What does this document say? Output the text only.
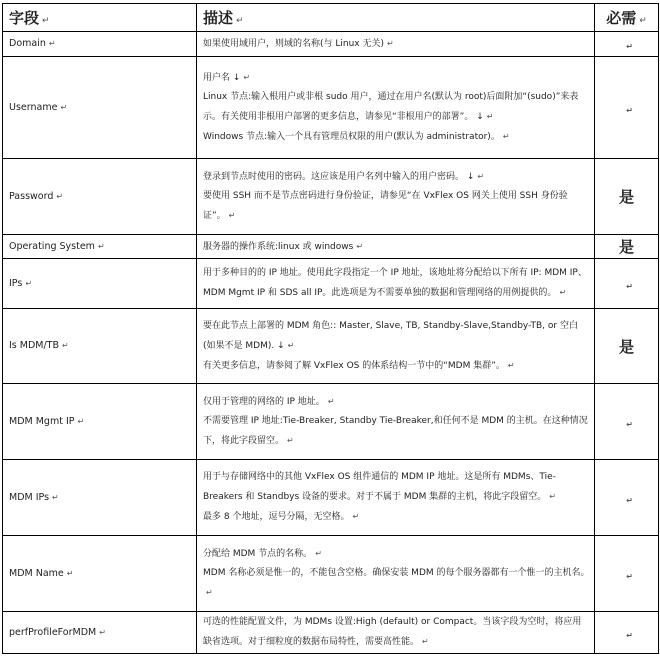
字段 ↵	描述 ↵	必需 ↵
Domain ↵	如果使用域用户，则域的名称(与 Linux 无关) ↵	↵
Username ↵	用户名 ↓ ↵
Linux 节点:输入根用户或非根 sudo 用户，通过在用户名(默认为 root)后面附加“(sudo)”来表示。有关使用非根用户部署的更多信息，请参见“非根用户的部署”。 ↓ ↵
Windows 节点:输入一个具有管理员权限的用户(默认为 administrator)。 ↵	↵
Password ↵	登录到节点时使用的密码。这应该是用户名列中输入的用户密码。 ↓ ↵
要使用 SSH 而不是节点密码进行身份验证，请参见“在 VxFlex OS 网关上使用 SSH 身份验证”。 ↵	是
Operating System ↵	服务器的操作系统:linux 或 windows ↵	是
IPs ↵	用于多种目的的 IP 地址。使用此字段指定一个 IP 地址，该地址将分配给以下所有 IP: MDM IP、MDM Mgmt IP 和 SDS all IP。此选项是为不需要单独的数据和管理网络的用例提供的。 ↵	↵
Is MDM/TB ↵	要在此节点上部署的 MDM 角色:: Master, Slave, TB, Standby-Slave,Standby-TB, or 空白(如果不是 MDM). ↓ ↵
有关更多信息，请参阅了解 VxFlex OS 的体系结构一节中的“MDM 集群”。 ↵	是
MDM Mgmt IP ↵	仅用于管理的网络的 IP 地址。 ↵
不需要管理 IP 地址:Tie-Breaker, Standby Tie-Breaker,和任何不是 MDM 的主机。在这种情况下，将此字段留空。 ↵	↵
MDM IPs ↵	用于与存储网络中的其他 VxFlex OS 组件通信的 MDM IP 地址。这是所有 MDMs、Tie-Breakers 和 Standbys 设备的要求。对于不属于 MDM 集群的主机，将此字段留空。 ↵
最多 8 个地址，逗号分隔，无空格。 ↵	↵
MDM Name ↵	分配给 MDM 节点的名称。 ↵
MDM 名称必须是惟一的，不能包含空格。确保安装 MDM 的每个服务器都有一个惟一的主机名。↵	↵
perfProfileForMDM ↵	可选的性能配置文件，为 MDMs 设置:High (default) or Compact。当该字段为空时，将应用缺省选项。对于细粒度的数据布局特性，需要高性能。 ↵	↵
